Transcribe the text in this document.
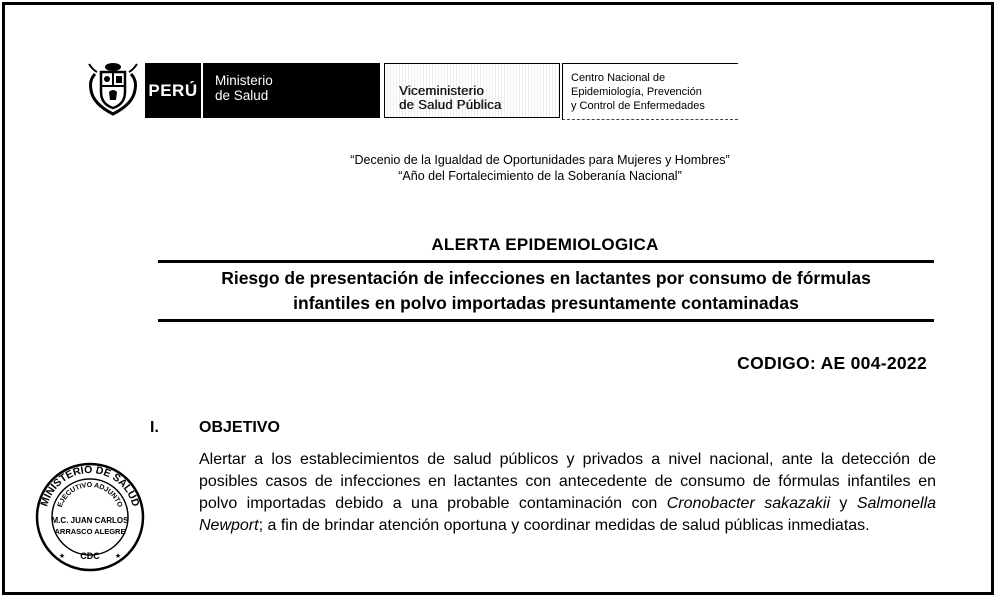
PERÚ	Ministerio
de Salud	Viceministerio
de Salud Pública
Centro Nacional de
Epidemiología, Prevención
y Control de Enfermedades
“Decenio de la Igualdad de Oportunidades para Mujeres y Hombres”
“Año del Fortalecimiento de la Soberanía Nacional”
ALERTA EPIDEMIOLOGICA
Riesgo de presentación de infecciones en lactantes por consumo de fórmulas
infantiles en polvo importadas presuntamente contaminadas
CODIGO: AE 004-2022
I.	OBJETIVO
Alertar a los establecimientos de salud públicos y privados a nivel nacional, ante la detección de posibles casos de infecciones en lactantes con antecedente de consumo de fórmulas infantiles en polvo importadas debido a una probable contaminación con Cronobacter sakazakii y Salmonella Newport; a fin de brindar atención oportuna y coordinar medidas de salud públicas inmediatas.
MINISTERIO DE SALUD
EJECUTIVO ADJUNTO
M.C. JUAN CARLOS
ARRASCO ALEGRE
CDC
★	★
